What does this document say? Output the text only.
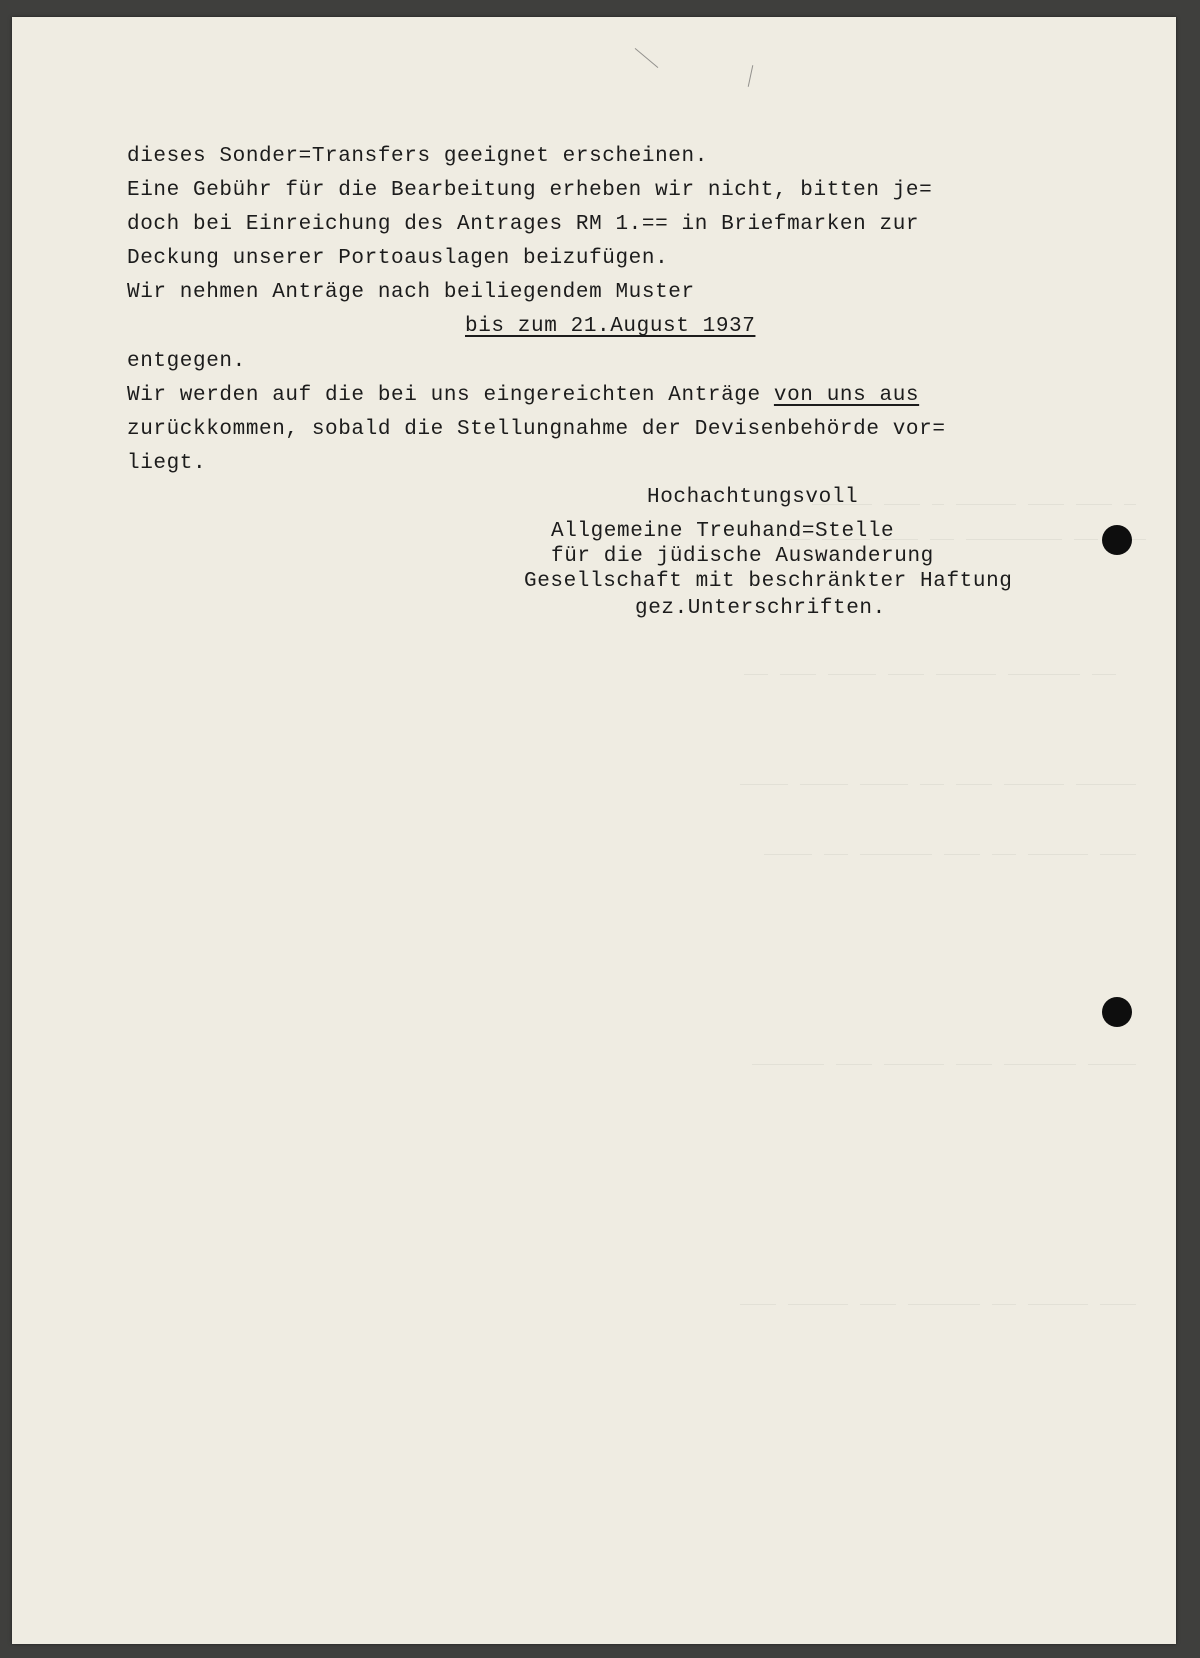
_ ___ ___ _____ _ ___ _____
___ __ ________ __ ___ ____ __
__ ______ _____ ___ ____ ___ __
_____ _____ ___ __ ____ ____ ____
___ _____ __ ___ ______ __ ____
____ ______ ___ _____ ___ ______
___ _____ __ ______ ___ _____ ___
dieses Sonder=Transfers geeignet erscheinen.
Eine Gebühr für die Bearbeitung erheben wir nicht, bitten je=
doch bei Einreichung des Antrages RM 1.== in Briefmarken zur
Deckung unserer Portoauslagen beizufügen.
Wir nehmen Anträge nach beiliegendem Muster
bis zum 21.August 1937
entgegen.
Wir werden auf die bei uns eingereichten Anträge von uns aus
zurückkommen, sobald die Stellungnahme der Devisenbehörde vor=
liegt.
Hochachtungsvoll
Allgemeine Treuhand=Stelle
für die jüdische Auswanderung
Gesellschaft mit beschränkter Haftung
gez.Unterschriften.
